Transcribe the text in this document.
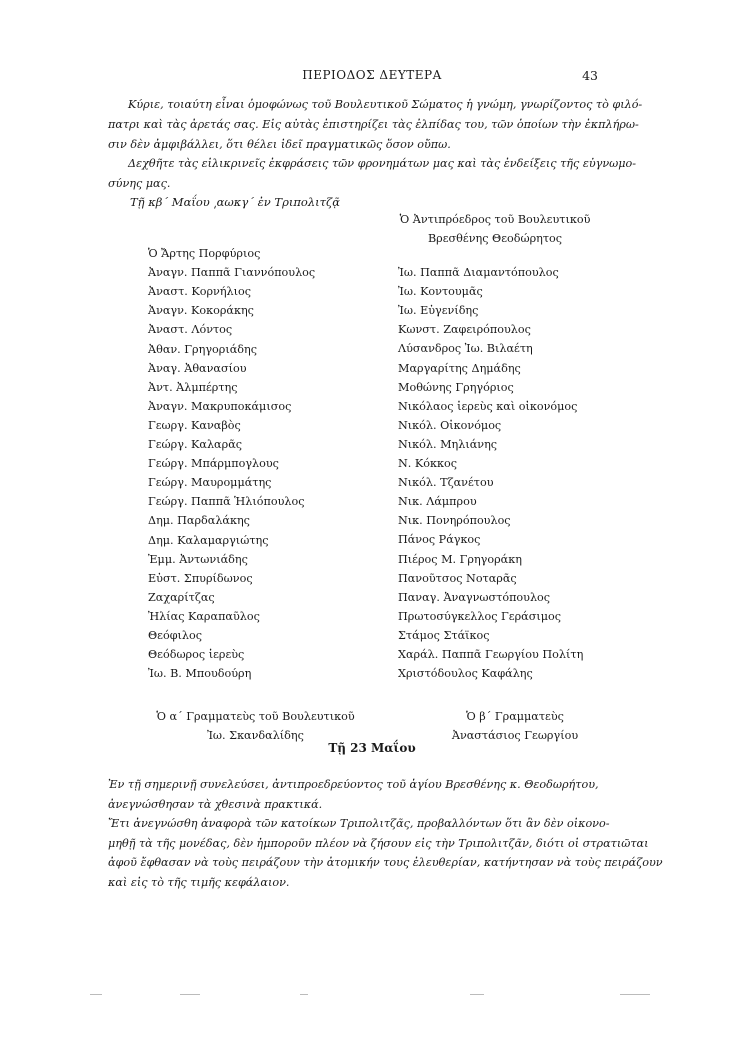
ΠΕΡΙΟΔΟΣ ΔΕΥΤΕΡΑ	43
Κύριε, τοιαύτη εἶναι ὁμοφώνως τοῦ Βουλευτικοῦ Σώματος ἡ γνώμη, γνωρίζοντος τὸ φιλό-
πατρι καὶ τὰς ἀρετάς σας. Εἰς αὐτὰς ἐπιστηρίζει τὰς ἐλπίδας του, τῶν ὁποίων τὴν ἐκπλήρω-
σιν δὲν ἀμφιβάλλει, ὅτι θέλει ἰδεῖ πραγματικῶς ὅσον οὔπω.
Δεχθῆτε τὰς εἰλικρινεῖς ἐκφράσεις τῶν φρονημάτων μας καὶ τὰς ἐνδείξεις τῆς εὐγνωμο-
σύνης μας.
Τῇ κβ΄ Μαΐου ͵αωκγ΄ ἐν Τριπολιτζᾷ
Ὁ Ἀντιπρόεδρος τοῦ Βουλευτικοῦ
Βρεσθένης Θεοδώρητος
Ὁ Ἄρτης Πορφύριος
Ἀναγν. Παππᾶ Γιαννόπουλος
Ἀναστ. Κορνήλιος
Ἀναγν. Κοκοράκης
Ἀναστ. Λόντος
Ἀθαν. Γρηγοριάδης
Ἀναγ. Ἀθανασίου
Ἀντ. Ἀλμπέρτης
Ἀναγν. Μακρυποκάμισος
Γεωργ. Καναβὸς
Γεώργ. Καλαρᾶς
Γεώργ. Μπάρμπογλους
Γεώργ. Μαυρομμάτης
Γεώργ. Παππᾶ Ἡλιόπουλος
Δημ. Παρδαλάκης
Δημ. Καλαμαργιώτης
Ἐμμ. Ἀντωνιάδης
Εὐστ. Σπυρίδωνος
Ζαχαρίτζας
Ἠλίας Καραπαῦλος
Θεόφιλος
Θεόδωρος ἱερεὺς
Ἰω. Β. Μπουδούρη
Ἰω. Παππᾶ Διαμαντόπουλος
Ἰω. Κοντουμᾶς
Ἰω. Εὐγενίδης
Κωνστ. Ζαφειρόπουλος
Λύσανδρος Ἰω. Βιλαέτη
Μαργαρίτης Δημάδης
Μοθώνης Γρηγόριος
Νικόλαος ἱερεὺς καὶ οἰκονόμος
Νικόλ. Οἰκονόμος
Νικόλ. Μηλιάνης
Ν. Κόκκος
Νικόλ. Τζανέτου
Νικ. Λάμπρου
Νικ. Πονηρόπουλος
Πάνος Ράγκος
Πιέρος Μ. Γρηγοράκη
Πανοῦτσος Νοταρᾶς
Παναγ. Ἀναγνωστόπουλος
Πρωτοσύγκελλος Γεράσιμος
Στάμος Στάϊκος
Χαράλ. Παππᾶ Γεωργίου Πολίτη
Χριστόδουλος Καφάλης
Ὁ α΄ Γραμματεὺς τοῦ Βουλευτικοῦ
Ἰω. Σκανδαλίδης
Ὁ β΄ Γραμματεὺς
Ἀναστάσιος Γεωργίου
Τῇ 23 Μαΐου
Ἐν τῇ σημερινῇ συνελεύσει, ἀντιπροεδρεύοντος τοῦ ἁγίου Βρεσθένης κ. Θεοδωρήτου,
ἀνεγνώσθησαν τὰ χθεσινὰ πρακτικά.
Ἔτι ἀνεγνώσθη ἀναφορὰ τῶν κατοίκων Τριπολιτζᾶς, προβαλλόντων ὅτι ἂν δὲν οἰκονο-
μηθῇ τὰ τῆς μονέδας, δὲν ἠμποροῦν πλέον νὰ ζήσουν εἰς τὴν Τριπολιτζᾶν, διότι οἱ στρατιῶται
ἀφοῦ ἔφθασαν νὰ τοὺς πειράζουν τὴν ἀτομικήν τους ἐλευθερίαν, κατήντησαν νὰ τοὺς πειράζουν
καὶ εἰς τὸ τῆς τιμῆς κεφάλαιον.
